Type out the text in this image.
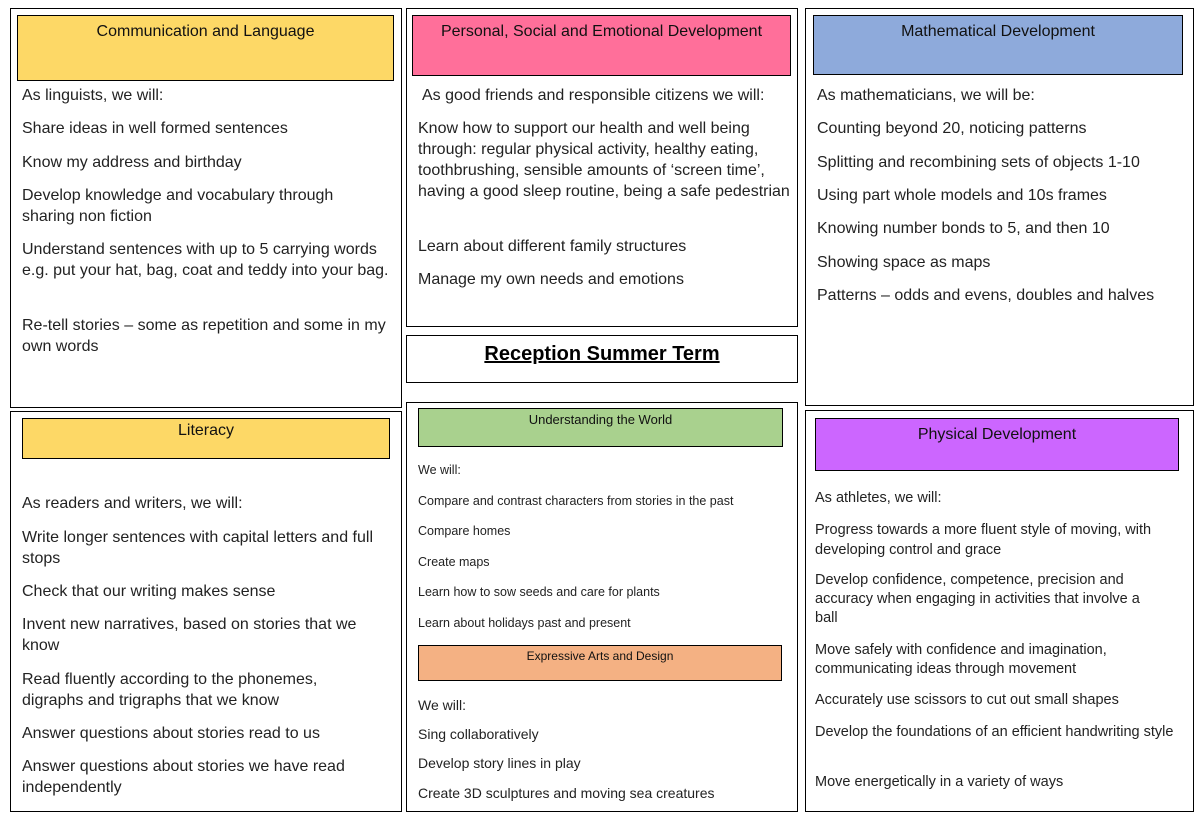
Communication and Language
As linguists, we will:
Share ideas in well formed sentences
Know my address and birthday
Develop knowledge and vocabulary through sharing non fiction
Understand sentences with up to 5 carrying words e.g. put your hat, bag, coat and teddy into your bag.
Re-tell stories – some as repetition and some in my own words
Personal, Social and Emotional Development
As good friends and responsible citizens we will:
Know how to support our health and well being through: regular physical activity, healthy eating, toothbrushing, sensible amounts of ‘screen time’, having a good sleep routine, being a safe pedestrian
Learn about different family structures
Manage my own needs and emotions
Mathematical Development
As mathematicians, we will be:
Counting beyond 20, noticing patterns
Splitting and recombining sets of objects 1-10
Using part whole models and 10s frames
Knowing number bonds to 5, and then 10
Showing space as maps
Patterns – odds and evens, doubles and halves
Reception Summer Term
Literacy
As readers and writers, we will:
Write longer sentences with capital letters and full stops
Check that our writing makes sense
Invent new narratives, based on stories that we know
Read fluently according to the phonemes, digraphs and trigraphs that we know
Answer questions about stories read to us
Answer questions about stories we have read independently
Understanding the World
We will:
Compare and contrast characters from stories in the past
Compare homes
Create maps
Learn how to sow seeds and care for plants
Learn about holidays past and present
Expressive Arts and Design
We will:
Sing collaboratively
Develop story lines in play
Create 3D sculptures and moving sea creatures
Physical Development
As athletes, we will:
Progress towards a more fluent style of moving, with developing control and grace
Develop confidence, competence, precision and accuracy when engaging in activities that involve a ball
Move safely with confidence and imagination, communicating ideas through movement
Accurately use scissors to cut out small shapes
Develop the foundations of an efficient handwriting style
Move energetically in a variety of ways
